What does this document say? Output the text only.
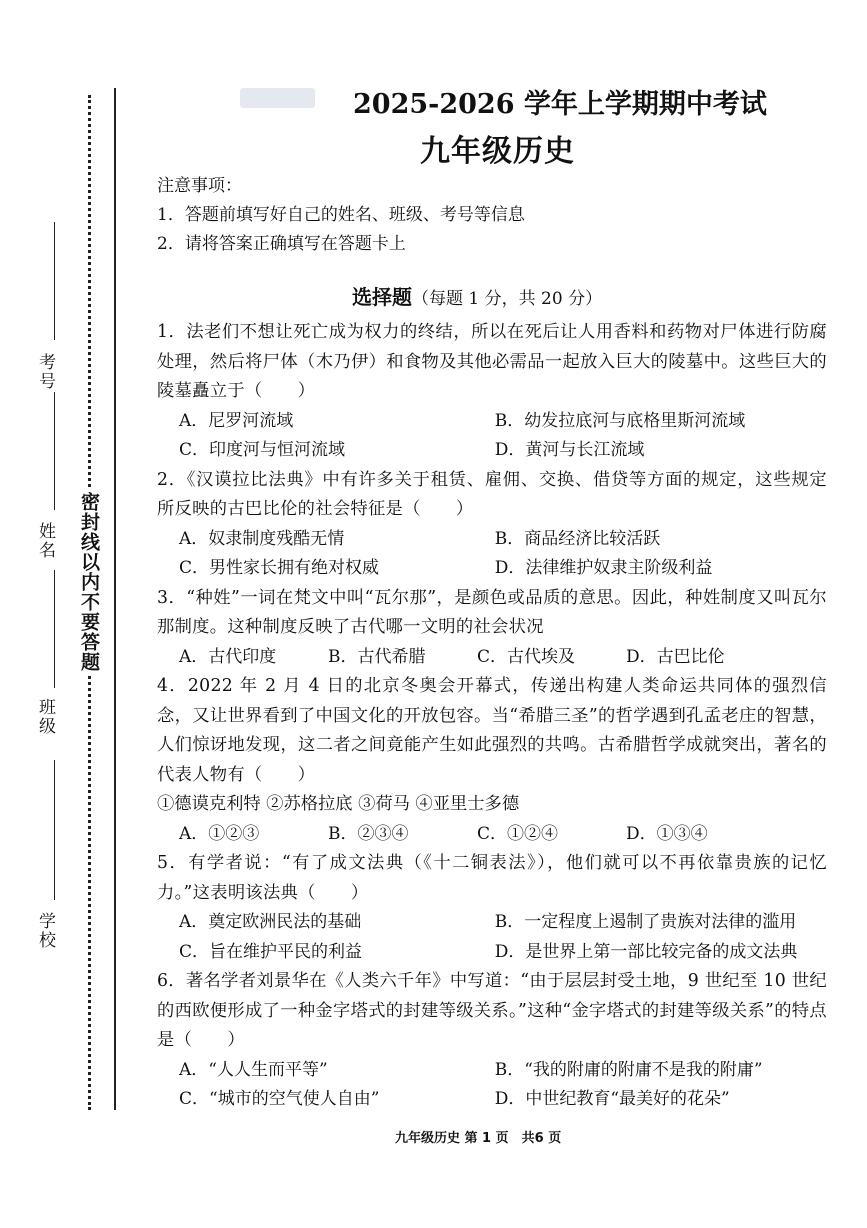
密封线以内不要答题
考号
姓名
班级
学校
2025-2026 学年上学期期中考试
九年级历史
注意事项：
1．答题前填写好自己的姓名、班级、考号等信息
2．请将答案正确填写在答题卡上
选择题（每题 1 分，共 20 分）
1．法老们不想让死亡成为权力的终结，所以在死后让人用香料和药物对尸体进行防腐处理，然后将尸体（木乃伊）和食物及其他必需品一起放入巨大的陵墓中。这些巨大的陵墓矗立于（　　）
A．尼罗河流域	B．幼发拉底河与底格里斯河流域
C．印度河与恒河流域	D．黄河与长江流域
2．《汉谟拉比法典》中有许多关于租赁、雇佣、交换、借贷等方面的规定，这些规定所反映的古巴比伦的社会特征是（　　）
A．奴隶制度残酷无情	B．商品经济比较活跃
C．男性家长拥有绝对权威	D．法律维护奴隶主阶级利益
3．“种姓”一词在梵文中叫“瓦尔那”，是颜色或品质的意思。因此，种姓制度又叫瓦尔那制度。这种制度反映了古代哪一文明的社会状况
A．古代印度	B．古代希腊	C．古代埃及	D．古巴比伦
4．2022 年 2 月 4 日的北京冬奥会开幕式，传递出构建人类命运共同体的强烈信念，又让世界看到了中国文化的开放包容。当“希腊三圣”的哲学遇到孔孟老庄的智慧，人们惊讶地发现，这二者之间竟能产生如此强烈的共鸣。古希腊哲学成就突出，著名的代表人物有（　　）
①德谟克利特 ②苏格拉底 ③荷马 ④亚里士多德
A．①②③	B．②③④	C．①②④	D．①③④
5．有学者说：“有了成文法典（《十二铜表法》），他们就可以不再依靠贵族的记忆力。”这表明该法典（　　）
A．奠定欧洲民法的基础	B．一定程度上遏制了贵族对法律的滥用
C．旨在维护平民的利益	D．是世界上第一部比较完备的成文法典
6．著名学者刘景华在《人类六千年》中写道：“由于层层封受土地，9 世纪至 10 世纪的西欧便形成了一种金字塔式的封建等级关系。”这种“金字塔式的封建等级关系”的特点是（　　）
A．“人人生而平等”	B．“我的附庸的附庸不是我的附庸”
C．“城市的空气使人自由”	D．中世纪教育“最美好的花朵”
九年级历史 第 1 页　共6 页
